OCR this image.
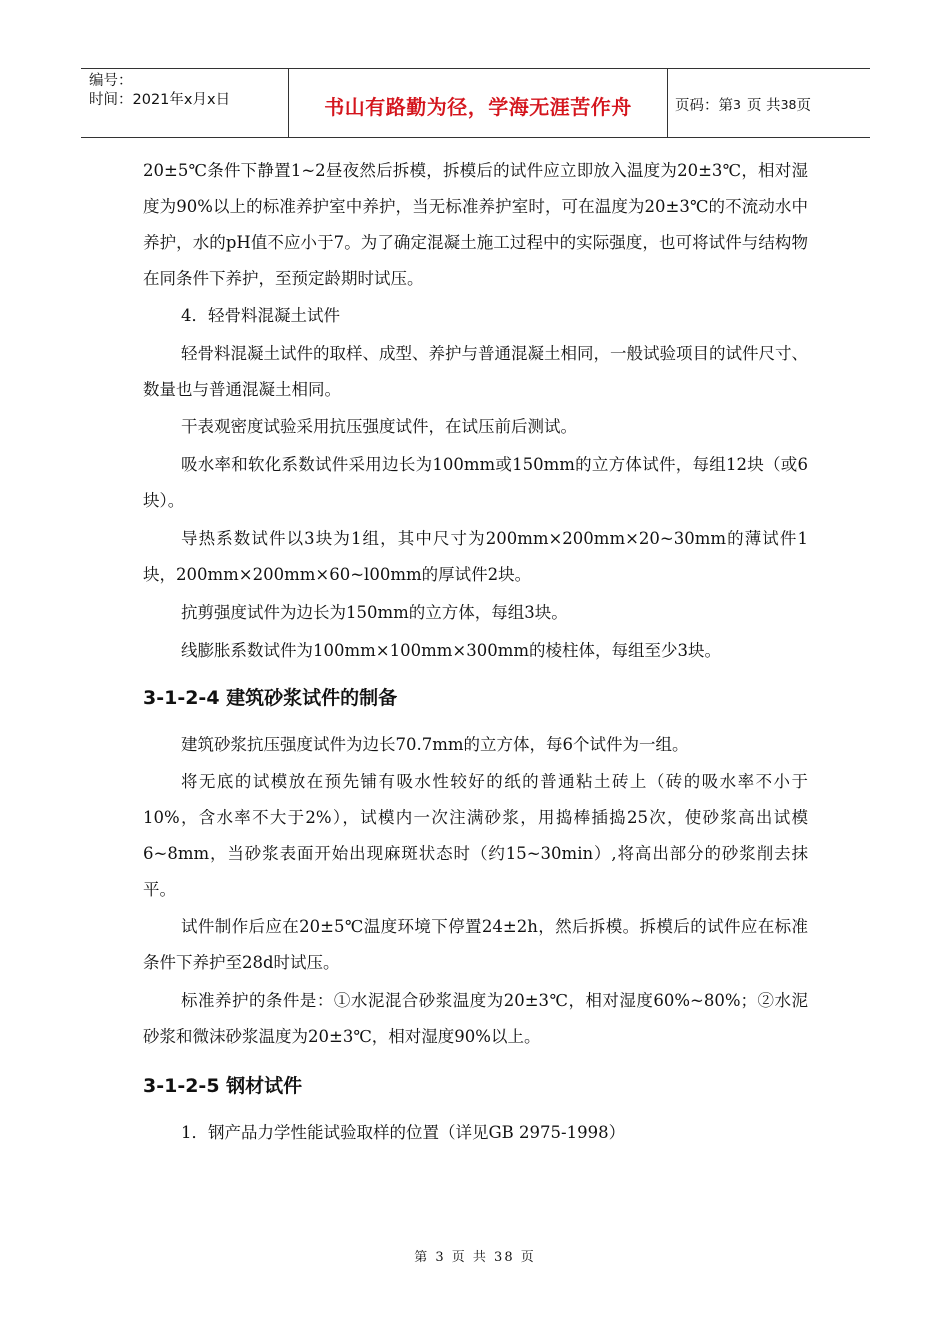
编号：
时间：2021年x月x日	书山有路勤为径，学海无涯苦作舟	页码：第 3 页 共 38 页

20±5℃条件下静置1~2昼夜然后拆模，拆模后的试件应立即放入温度为20±3℃，相对湿度为90%以上的标准养护室中养护，当无标准养护室时，可在温度为20±3℃的不流动水中养护，水的pH值不应小于7。为了确定混凝土施工过程中的实际强度，也可将试件与结构物在同条件下养护，至预定龄期时试压。

4．轻骨料混凝土试件

轻骨料混凝土试件的取样、成型、养护与普通混凝土相同，一般试验项目的试件尺寸、数量也与普通混凝土相同。

干表观密度试验采用抗压强度试件，在试压前后测试。

吸水率和软化系数试件采用边长为100mm或150mm的立方体试件，每组12块（或6块）。

导热系数试件以3块为1组，其中尺寸为200mm×200mm×20~30mm的薄试件1块，200mm×200mm×60~l00mm的厚试件2块。

抗剪强度试件为边长为150mm的立方体，每组3块。

线膨胀系数试件为100mm×100mm×300mm的棱柱体，每组至少3块。

3-1-2-4 建筑砂浆试件的制备

建筑砂浆抗压强度试件为边长70.7mm的立方体，每6个试件为一组。

将无底的试模放在预先铺有吸水性较好的纸的普通粘土砖上（砖的吸水率不小于10%，含水率不大于2%），试模内一次注满砂浆，用捣棒插捣25次，使砂浆高出试模6~8mm，当砂浆表面开始出现麻斑状态时（约15~30min）,将高出部分的砂浆削去抹平。

试件制作后应在20±5℃温度环境下停置24±2h，然后拆模。拆模后的试件应在标准条件下养护至28d时试压。

标准养护的条件是：①水泥混合砂浆温度为20±3℃，相对湿度60%~80%；②水泥砂浆和微沫砂浆温度为20±3℃，相对湿度90%以上。

3-1-2-5 钢材试件

1．钢产品力学性能试验取样的位置（详见GB 2975-1998）

第 3 页 共 38 页
